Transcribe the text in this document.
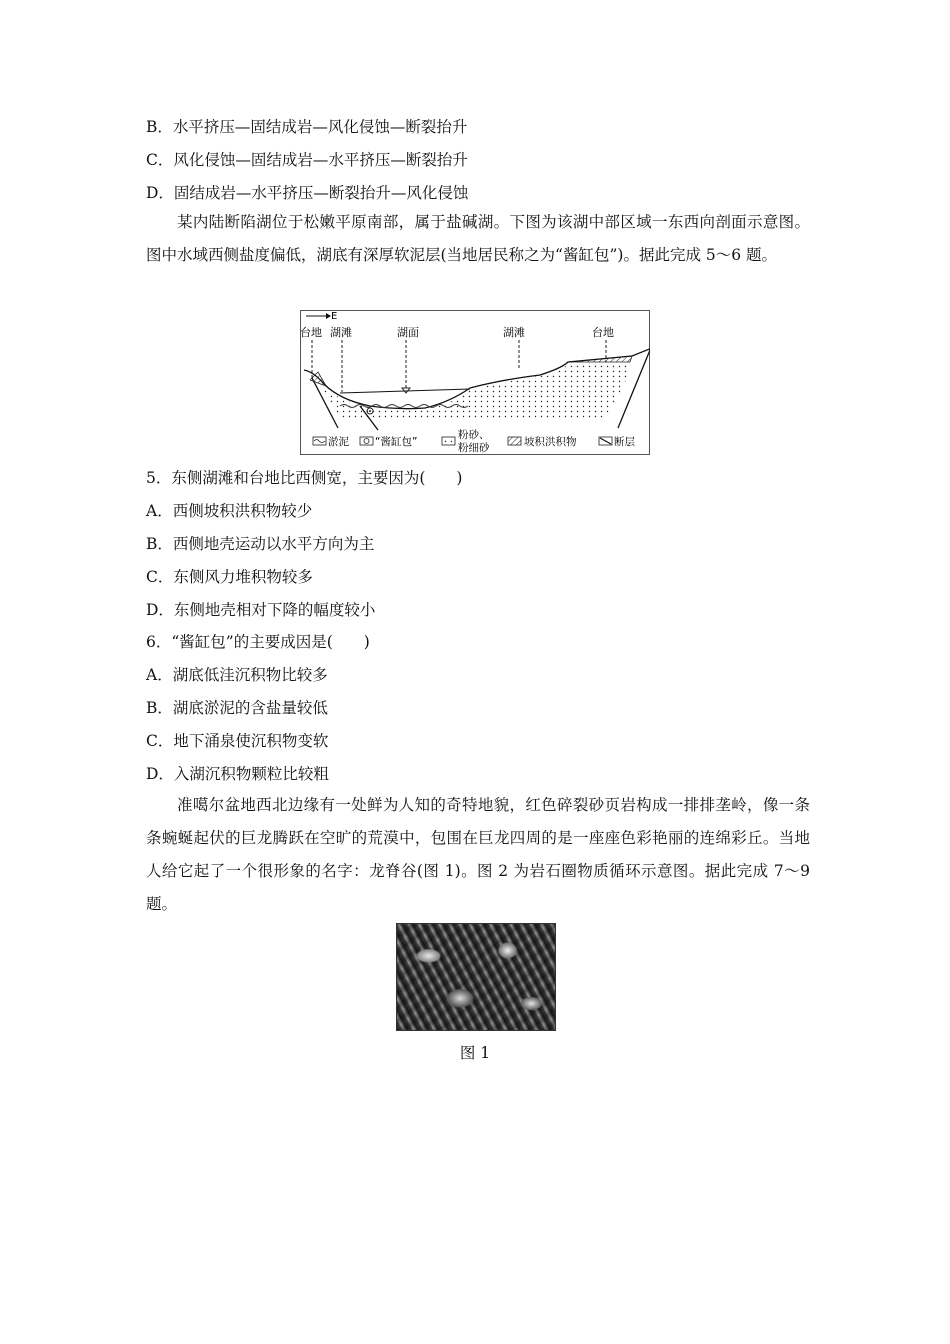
B．水平挤压—固结成岩—风化侵蚀—断裂抬升
C．风化侵蚀—固结成岩—水平挤压—断裂抬升
D．固结成岩—水平挤压—断裂抬升—风化侵蚀
某内陆断陷湖位于松嫩平原南部，属于盐碱湖。下图为该湖中部区域一东西向剖面示意图。图中水域西侧盐度偏低，湖底有深厚软泥层(当地居民称之为“酱缸包”)。据此完成 5～6 题。
E
台地 湖滩	湖面	湖滩	台地
淤泥 “酱缸包”
粉砂、
粉细砂	坡积洪积物	断层
5．东侧湖滩和台地比西侧宽，主要因为(　　)
A．西侧坡积洪积物较少
B．西侧地壳运动以水平方向为主
C．东侧风力堆积物较多
D．东侧地壳相对下降的幅度较小
6．“酱缸包”的主要成因是(　　)
A．湖底低洼沉积物比较多
B．湖底淤泥的含盐量较低
C．地下涌泉使沉积物变软
D．入湖沉积物颗粒比较粗
准噶尔盆地西北边缘有一处鲜为人知的奇特地貌，红色碎裂砂页岩构成一排排垄岭，像一条条蜿蜒起伏的巨龙腾跃在空旷的荒漠中，包围在巨龙四周的是一座座色彩艳丽的连绵彩丘。当地人给它起了一个很形象的名字：龙脊谷(图 1)。图 2 为岩石圈物质循环示意图。据此完成 7～9 题。
图 1
